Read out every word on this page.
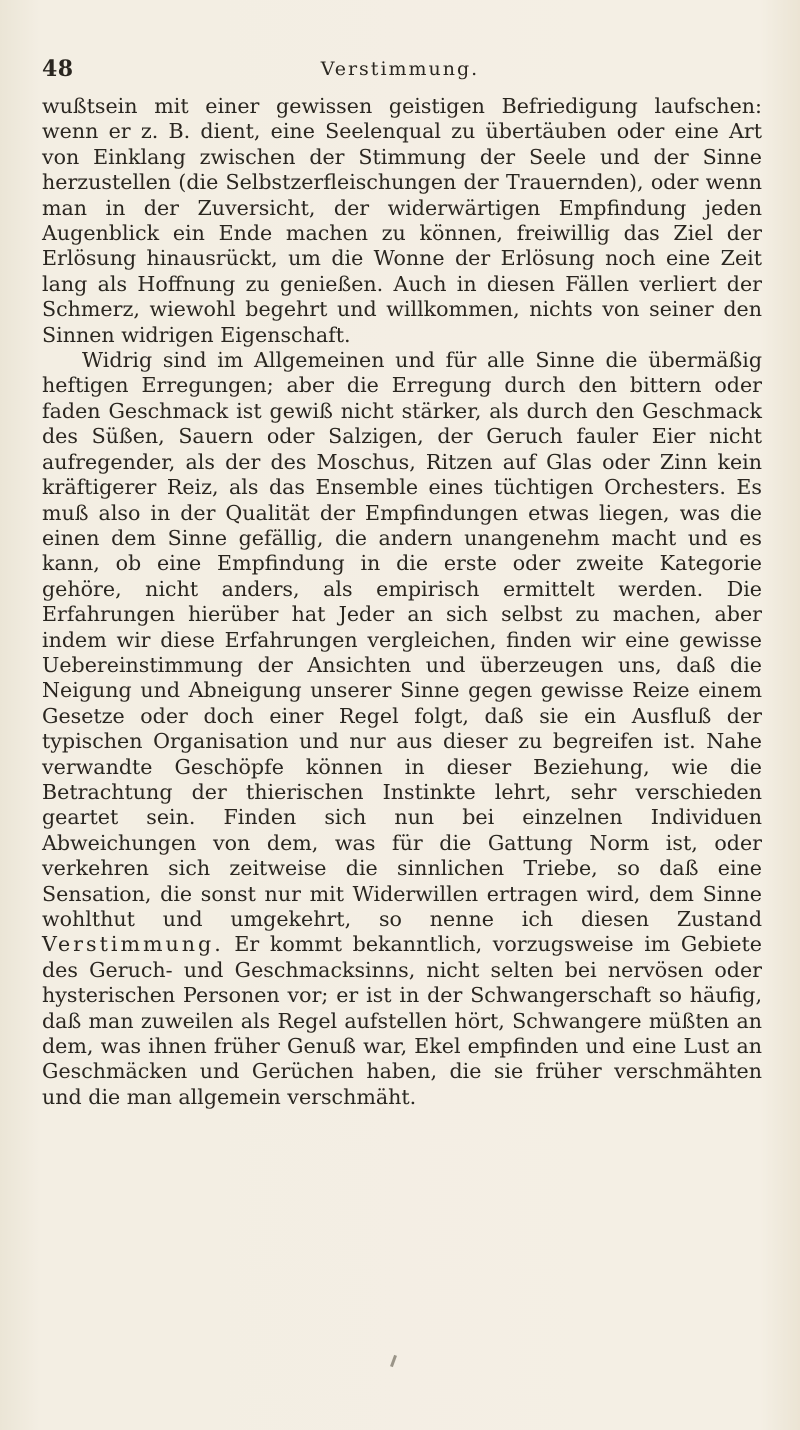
48	Verstimmung.

wußtsein mit einer gewissen geistigen Befriedigung laufschen: wenn er z. B. dient, eine Seelenqual zu übertäuben oder eine Art von Einklang zwischen der Stimmung der Seele und der Sinne herzustellen (die Selbstzerfleischungen der Trauernden), oder wenn man in der Zuversicht, der widerwärtigen Empfindung jeden Augenblick ein Ende machen zu können, freiwillig das Ziel der Erlösung hinausrückt, um die Wonne der Erlösung noch eine Zeit lang als Hoffnung zu genießen. Auch in diesen Fällen verliert der Schmerz, wiewohl begehrt und willkommen, nichts von seiner den Sinnen widrigen Eigenschaft.

Widrig sind im Allgemeinen und für alle Sinne die übermäßig heftigen Erregungen; aber die Erregung durch den bittern oder faden Geschmack ist gewiß nicht stärker, als durch den Geschmack des Süßen, Sauern oder Salzigen, der Geruch fauler Eier nicht aufregender, als der des Moschus, Ritzen auf Glas oder Zinn kein kräftigerer Reiz, als das Ensemble eines tüchtigen Orchesters. Es muß also in der Qualität der Empfindungen etwas liegen, was die einen dem Sinne gefällig, die andern unangenehm macht und es kann, ob eine Empfindung in die erste oder zweite Kategorie gehöre, nicht anders, als empirisch ermittelt werden. Die Erfahrungen hierüber hat Jeder an sich selbst zu machen, aber indem wir diese Erfahrungen vergleichen, finden wir eine gewisse Uebereinstimmung der Ansichten und überzeugen uns, daß die Neigung und Abneigung unserer Sinne gegen gewisse Reize einem Gesetze oder doch einer Regel folgt, daß sie ein Ausfluß der typischen Organisation und nur aus dieser zu begreifen ist. Nahe verwandte Geschöpfe können in dieser Beziehung, wie die Betrachtung der thierischen Instinkte lehrt, sehr verschieden geartet sein. Finden sich nun bei einzelnen Individuen Abweichungen von dem, was für die Gattung Norm ist, oder verkehren sich zeitweise die sinnlichen Triebe, so daß eine Sensation, die sonst nur mit Widerwillen ertragen wird, dem Sinne wohlthut und umgekehrt, so nenne ich diesen Zustand Verstimmung. Er kommt bekanntlich, vorzugsweise im Gebiete des Geruch- und Geschmacksinns, nicht selten bei nervösen oder hysterischen Personen vor; er ist in der Schwangerschaft so häufig, daß man zuweilen als Regel aufstellen hört, Schwangere müßten an dem, was ihnen früher Genuß war, Ekel empfinden und eine Lust an Geschmäcken und Gerüchen haben, die sie früher verschmähten und die man allgemein verschmäht.
